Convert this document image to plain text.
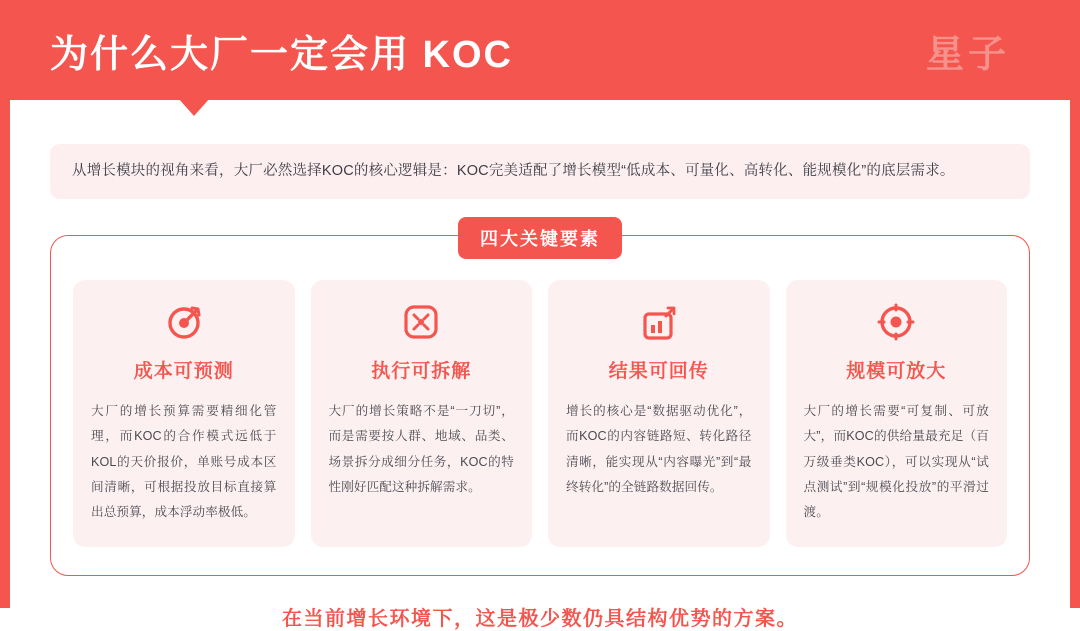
为什么大厂一定会用 KOC	星子
从增长模块的视角来看，大厂必然选择KOC的核心逻辑是：KOC完美适配了增长模型“低成本、可量化、高转化、能规模化”的底层需求。
四大关键要素
成本可预测
大厂的增长预算需要精细化管理，而KOC的合作模式远低于KOL的天价报价，单账号成本区间清晰，可根据投放目标直接算出总预算，成本浮动率极低。
执行可拆解
大厂的增长策略不是“一刀切”，而是需要按人群、地域、品类、场景拆分成细分任务，KOC的特性刚好匹配这种拆解需求。
结果可回传
增长的核心是“数据驱动优化”，而KOC的内容链路短、转化路径清晰，能实现从“内容曝光”到“最终转化”的全链路数据回传。
规模可放大
大厂的增长需要“可复制、可放大”，而KOC的供给量最充足（百万级垂类KOC），可以实现从“试点测试”到“规模化投放”的平滑过渡。
在当前增长环境下，这是极少数仍具结构优势的方案。
